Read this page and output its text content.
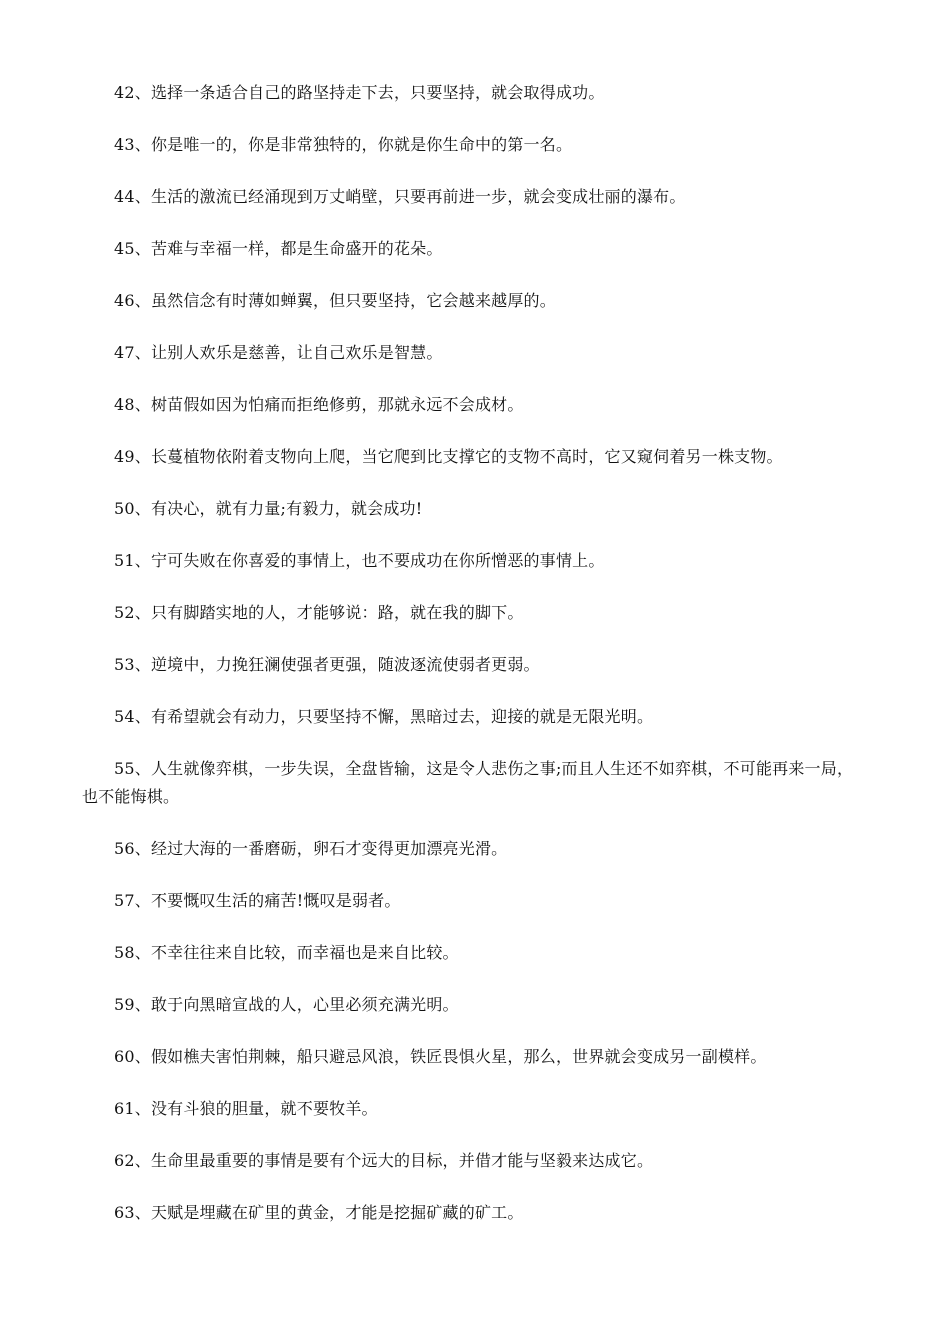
42、选择一条适合自己的路坚持走下去，只要坚持，就会取得成功。

43、你是唯一的，你是非常独特的，你就是你生命中的第一名。

44、生活的激流已经涌现到万丈峭壁，只要再前进一步，就会变成壮丽的瀑布。

45、苦难与幸福一样，都是生命盛开的花朵。

46、虽然信念有时薄如蝉翼，但只要坚持，它会越来越厚的。

47、让别人欢乐是慈善，让自己欢乐是智慧。

48、树苗假如因为怕痛而拒绝修剪，那就永远不会成材。

49、长蔓植物依附着支物向上爬，当它爬到比支撑它的支物不高时，它又窥伺着另一株支物。

50、有决心，就有力量;有毅力，就会成功!

51、宁可失败在你喜爱的事情上，也不要成功在你所憎恶的事情上。

52、只有脚踏实地的人，才能够说：路，就在我的脚下。

53、逆境中，力挽狂澜使强者更强，随波逐流使弱者更弱。

54、有希望就会有动力，只要坚持不懈，黑暗过去，迎接的就是无限光明。

55、人生就像弈棋，一步失误，全盘皆输，这是令人悲伤之事;而且人生还不如弈棋，不可能再来一局，也不能悔棋。

56、经过大海的一番磨砺，卵石才变得更加漂亮光滑。

57、不要慨叹生活的痛苦!慨叹是弱者。

58、不幸往往来自比较，而幸福也是来自比较。

59、敢于向黑暗宣战的人，心里必须充满光明。

60、假如樵夫害怕荆棘，船只避忌风浪，铁匠畏惧火星，那么，世界就会变成另一副模样。

61、没有斗狼的胆量，就不要牧羊。

62、生命里最重要的事情是要有个远大的目标，并借才能与坚毅来达成它。

63、天赋是埋藏在矿里的黄金，才能是挖掘矿藏的矿工。
